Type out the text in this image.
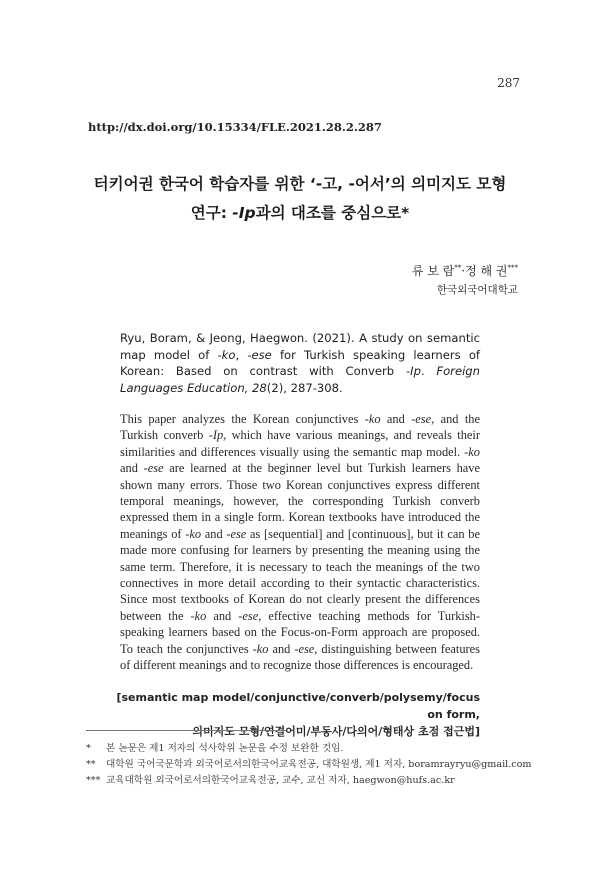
287
http://dx.doi.org/10.15334/FLE.2021.28.2.287
터키어권 한국어 학습자를 위한 ‘-고, -어서’의 의미지도 모형
연구: -Ip과의 대조를 중심으로*
류 보 람**·정 해 권***
한국외국어대학교
Ryu, Boram, & Jeong, Haegwon. (2021). A study on semantic map model of -ko, -ese for Turkish speaking learners of Korean: Based on contrast with Converb -Ip. Foreign Languages Education, 28(2), 287-308.
This paper analyzes the Korean conjunctives -ko and -ese, and the Turkish converb -Ip, which have various meanings, and reveals their similarities and differences visually using the semantic map model. -ko and -ese are learned at the beginner level but Turkish learners have shown many errors. Those two Korean conjunctives express different temporal meanings, however, the corresponding Turkish converb expressed them in a single form. Korean textbooks have introduced the meanings of -ko and -ese as [sequential] and [continuous], but it can be made more confusing for learners by presenting the meaning using the same term. Therefore, it is necessary to teach the meanings of the two connectives in more detail according to their syntactic characteristics. Since most textbooks of Korean do not clearly present the differences between the -ko and -ese, effective teaching methods for Turkish-speaking learners based on the Focus-on-Form approach are proposed. To teach the conjunctives -ko and -ese, distinguishing between features of different meanings and to recognize those differences is encouraged.
[semantic map model/conjunctive/converb/polysemy/focus on form,
의미지도 모형/연결어미/부동사/다의어/형태상 초점 접근법]
* 본 논문은 제1 저자의 석사학위 논문을 수정 보완한 것임.
** 대학원 국어국문학과 외국어로서의한국어교육전공, 대학원생, 제1 저자, boramrayryu@gmail.com
*** 교육대학원 외국어로서의한국어교육전공, 교수, 교신 저자, haegwon@hufs.ac.kr
